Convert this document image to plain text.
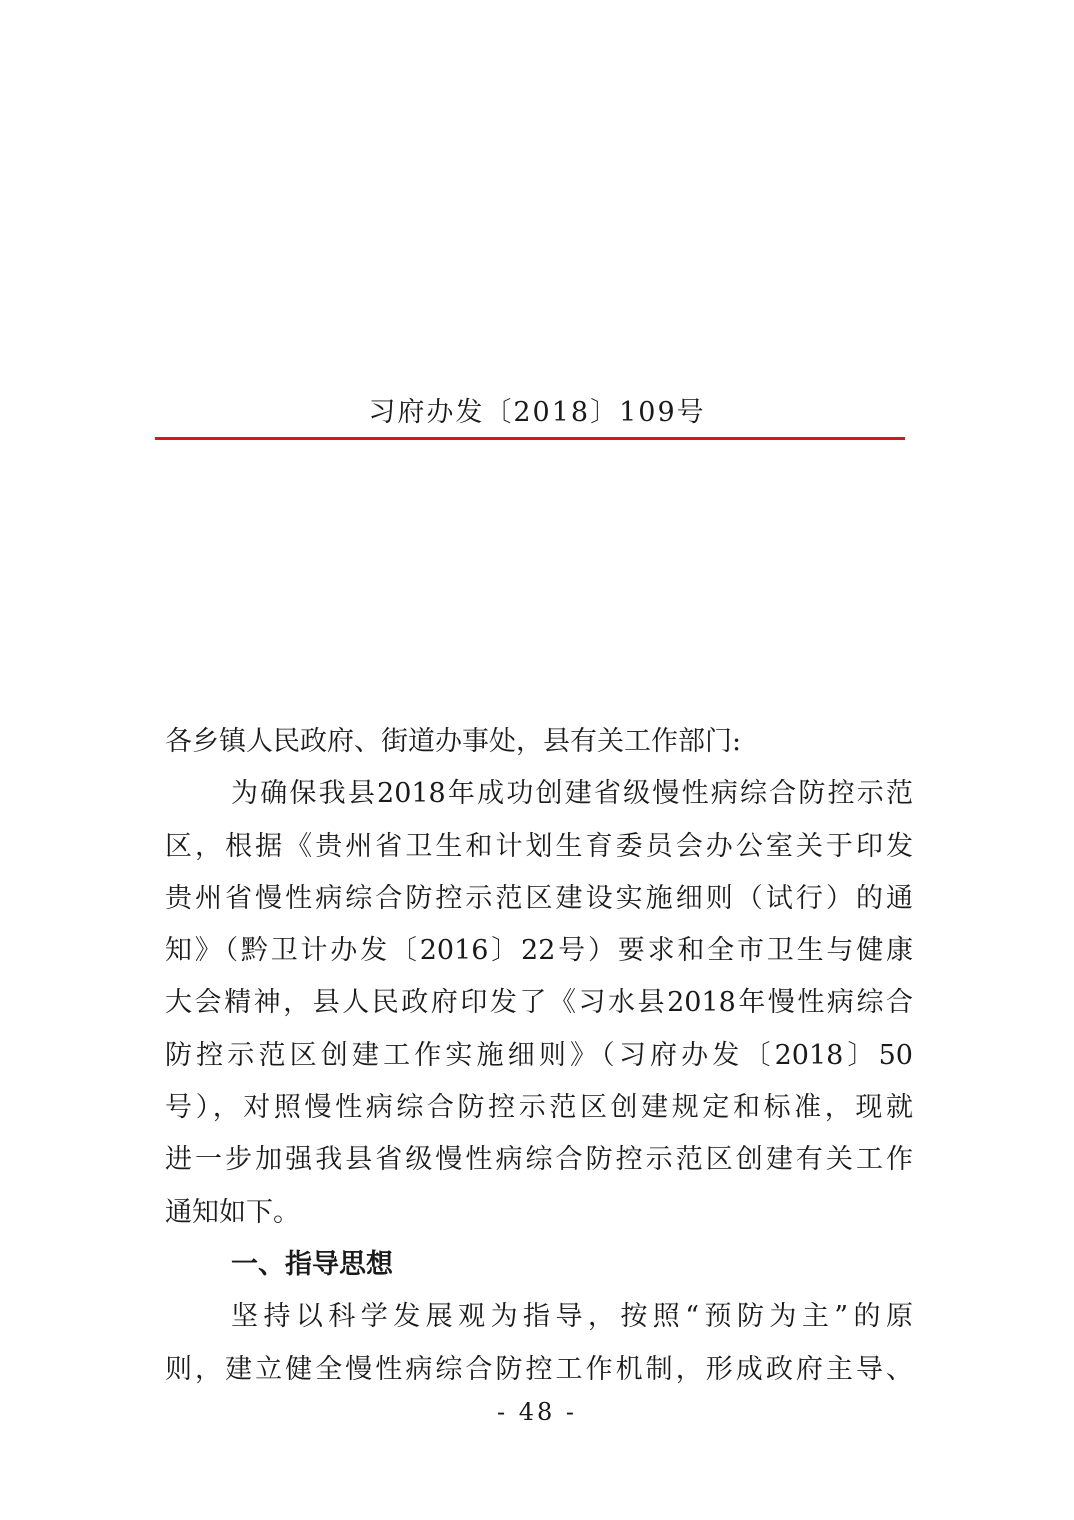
习府办发〔2018〕109号
各乡镇人民政府、街道办事处，县有关工作部门:
为确保我县2018年成功创建省级慢性病综合防控示范
区，根据《贵州省卫生和计划生育委员会办公室关于印发
贵州省慢性病综合防控示范区建设实施细则（试行）的通
知》（黔卫计办发〔2016〕22号）要求和全市卫生与健康
大会精神，县人民政府印发了《习水县2018年慢性病综合
防控示范区创建工作实施细则》（习府办发〔2018〕50
号），对照慢性病综合防控示范区创建规定和标准，现就
进一步加强我县省级慢性病综合防控示范区创建有关工作
通知如下。
一、指导思想
坚持以科学发展观为指导，按照“预防为主”的原
则，建立健全慢性病综合防控工作机制，形成政府主导、
- 48 -
